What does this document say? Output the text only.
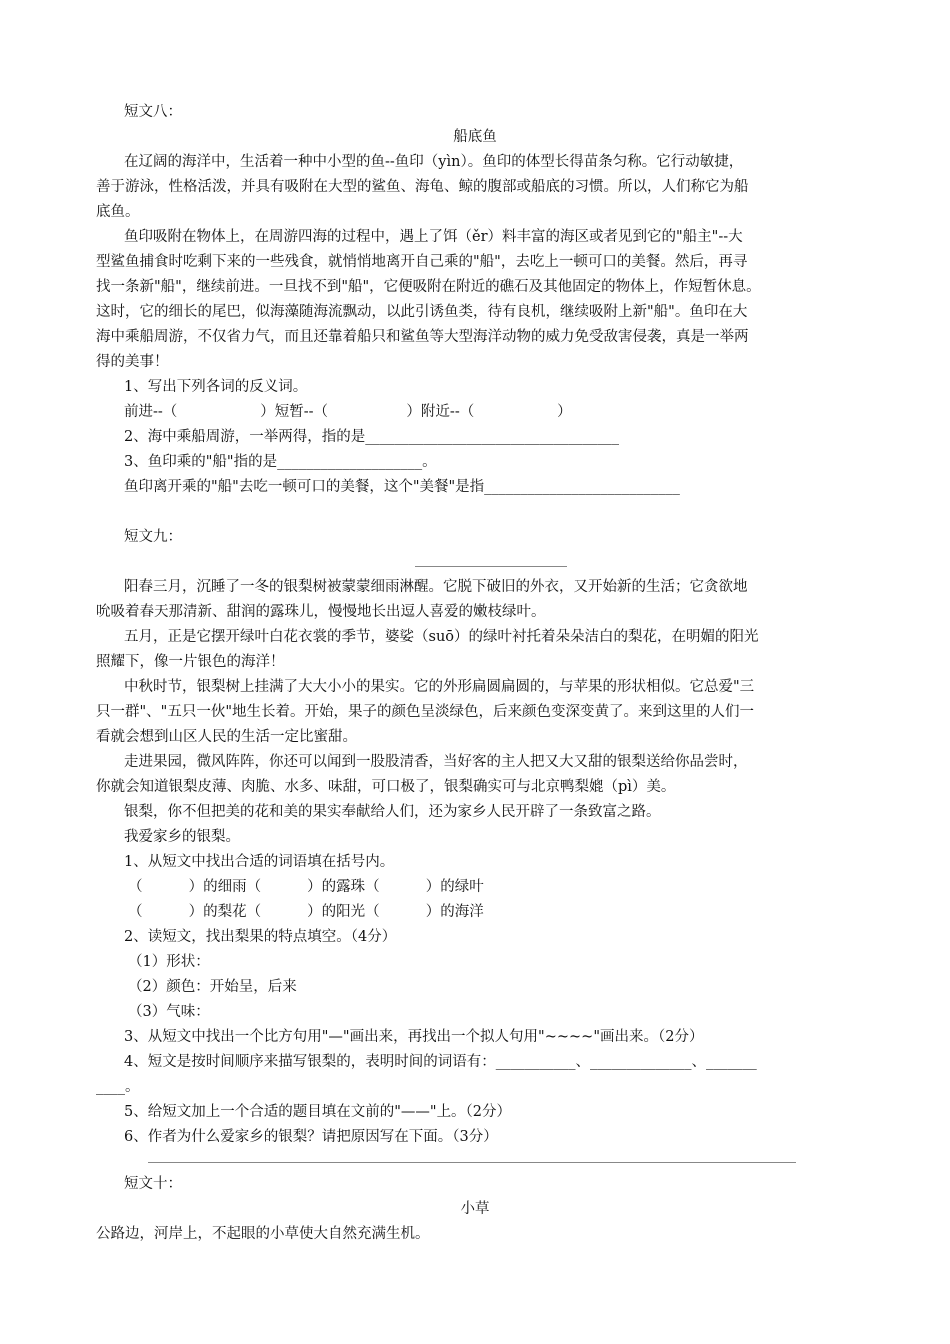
短文八：
船底鱼
在辽阔的海洋中，生活着一种中小型的鱼--鱼印（yìn）。鱼印的体型长得苗条匀称。它行动敏捷，
善于游泳，性格活泼，并具有吸附在大型的鲨鱼、海龟、鲸的腹部或船底的习惯。所以，人们称它为船
底鱼。
鱼印吸附在物体上，在周游四海的过程中，遇上了饵（ěr）料丰富的海区或者见到它的"船主"--大
型鲨鱼捕食时吃剩下来的一些残食，就悄悄地离开自己乘的"船"，去吃上一顿可口的美餐。然后，再寻
找一条新"船"，继续前进。一旦找不到"船"，它便吸附在附近的礁石及其他固定的物体上，作短暂休息。
这时，它的细长的尾巴，似海藻随海流飘动，以此引诱鱼类，待有良机，继续吸附上新"船"。鱼印在大
海中乘船周游，不仅省力气，而且还靠着船只和鲨鱼等大型海洋动物的威力免受敌害侵袭，真是一举两
得的美事！
1、写出下列各词的反义词。
前进--（                  ）短暂--（                 ）附近--（                  ）
2、海中乘船周游，一举两得，指的是___________________________________
3、鱼印乘的"船"指的是____________________。
鱼印离开乘的"船"去吃一顿可口的美餐，这个"美餐"是指___________________________
短文九：
阳春三月，沉睡了一冬的银梨树被蒙蒙细雨淋醒。它脱下破旧的外衣，又开始新的生活；它贪欲地
吮吸着春天那清新、甜润的露珠儿，慢慢地长出逗人喜爱的嫩枝绿叶。
五月，正是它摆开绿叶白花衣裳的季节，婆娑（suō）的绿叶衬托着朵朵洁白的梨花，在明媚的阳光
照耀下，像一片银色的海洋！
中秋时节，银梨树上挂满了大大小小的果实。它的外形扁圆扁圆的，与苹果的形状相似。它总爱"三
只一群"、"五只一伙"地生长着。开始，果子的颜色呈淡绿色，后来颜色变深变黄了。来到这里的人们一
看就会想到山区人民的生活一定比蜜甜。
走进果园，微风阵阵，你还可以闻到一股股清香，当好客的主人把又大又甜的银梨送给你品尝时，
你就会知道银梨皮薄、肉脆、水多、味甜，可口极了，银梨确实可与北京鸭梨媲（pì）美。
银梨，你不但把美的花和美的果实奉献给人们，还为家乡人民开辟了一条致富之路。
我爱家乡的银梨。
1、从短文中找出合适的词语填在括号内。
（          ）的细雨（          ）的露珠（          ）的绿叶
（          ）的梨花（          ）的阳光（          ）的海洋
2、读短文，找出梨果的特点填空。（4分）
（1）形状：
（2）颜色：开始呈，后来
（3）气味：
3、从短文中找出一个比方句用"—"画出来，再找出一个拟人句用"~~~~"画出来。（2分）
4、短文是按时间顺序来描写银梨的，表明时间的词语有：___________、______________、_______
____。
5、给短文加上一个合适的题目填在文前的"——"上。（2分）
6、作者为什么爱家乡的银梨？请把原因写在下面。（3分）
短文十：
小草
公路边，河岸上，不起眼的小草使大自然充满生机。
